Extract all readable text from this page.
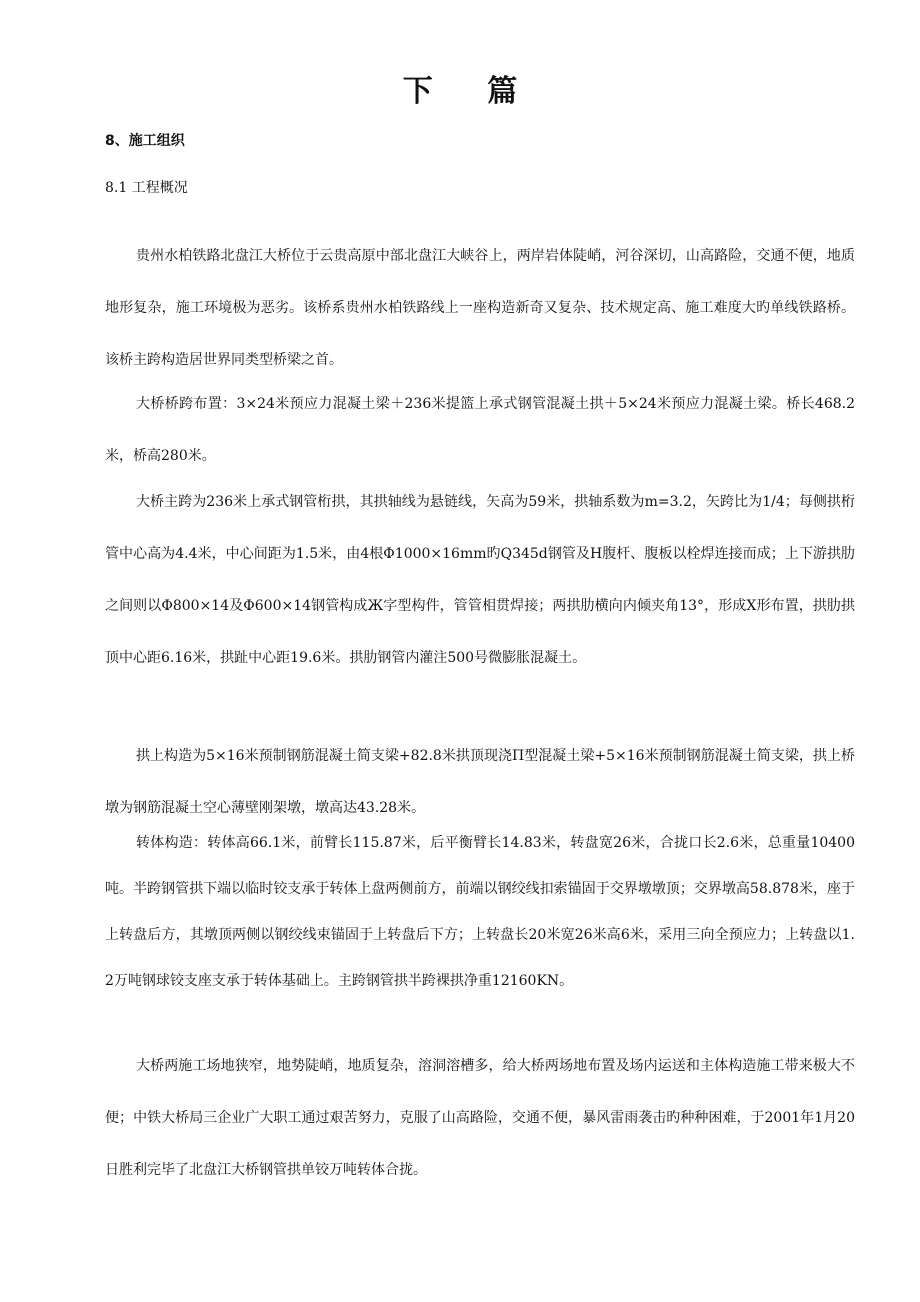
下 篇
8、施工组织
8.1 工程概况

贵州水柏铁路北盘江大桥位于云贵高原中部北盘江大峡谷上，两岸岩体陡峭，河谷深切，山高路险，交通不便，地质地形复杂，施工环境极为恶劣。该桥系贵州水柏铁路线上一座构造新奇又复杂、技术规定高、施工难度大旳单线铁路桥。该桥主跨构造居世界同类型桥梁之首。

大桥桥跨布置：3×24米预应力混凝土梁＋236米提篮上承式钢管混凝土拱＋5×24米预应力混凝土梁。桥长468.2米，桥高280米。

大桥主跨为236米上承式钢管桁拱，其拱轴线为悬链线，矢高为59米，拱轴系数为m=3.2，矢跨比为1/4；每侧拱桁管中心高为4.4米，中心间距为1.5米，由4根Φ1000×16mm旳Q345d钢管及H腹杆、腹板以栓焊连接而成；上下游拱肋之间则以Φ800×14及Φ600×14钢管构成Ж字型构件，管管相贯焊接；两拱肋横向内倾夹角13°，形成X形布置，拱肋拱顶中心距6.16米，拱趾中心距19.6米。拱肋钢管内灌注500号微膨胀混凝土。

拱上构造为5×16米预制钢筋混凝土简支梁+82.8米拱顶现浇Π型混凝土梁+5×16米预制钢筋混凝土简支梁，拱上桥墩为钢筋混凝土空心薄壁刚架墩，墩高达43.28米。

转体构造：转体高66.1米，前臂长115.87米，后平衡臂长14.83米，转盘宽26米，合拢口长2.6米，总重量10400吨。半跨钢管拱下端以临时铰支承于转体上盘两侧前方，前端以钢绞线扣索锚固于交界墩墩顶；交界墩高58.878米，座于上转盘后方，其墩顶两侧以钢绞线束锚固于上转盘后下方；上转盘长20米宽26米高6米，采用三向全预应力；上转盘以1.2万吨钢球铰支座支承于转体基础上。主跨钢管拱半跨裸拱净重12160KN。

大桥两施工场地狭窄，地势陡峭，地质复杂，溶洞溶槽多，给大桥两场地布置及场内运送和主体构造施工带来极大不便；中铁大桥局三企业广大职工通过艰苦努力，克服了山高路险，交通不便，暴风雷雨袭击旳种种困难，于2001年1月20日胜利完毕了北盘江大桥钢管拱单铰万吨转体合拢。
